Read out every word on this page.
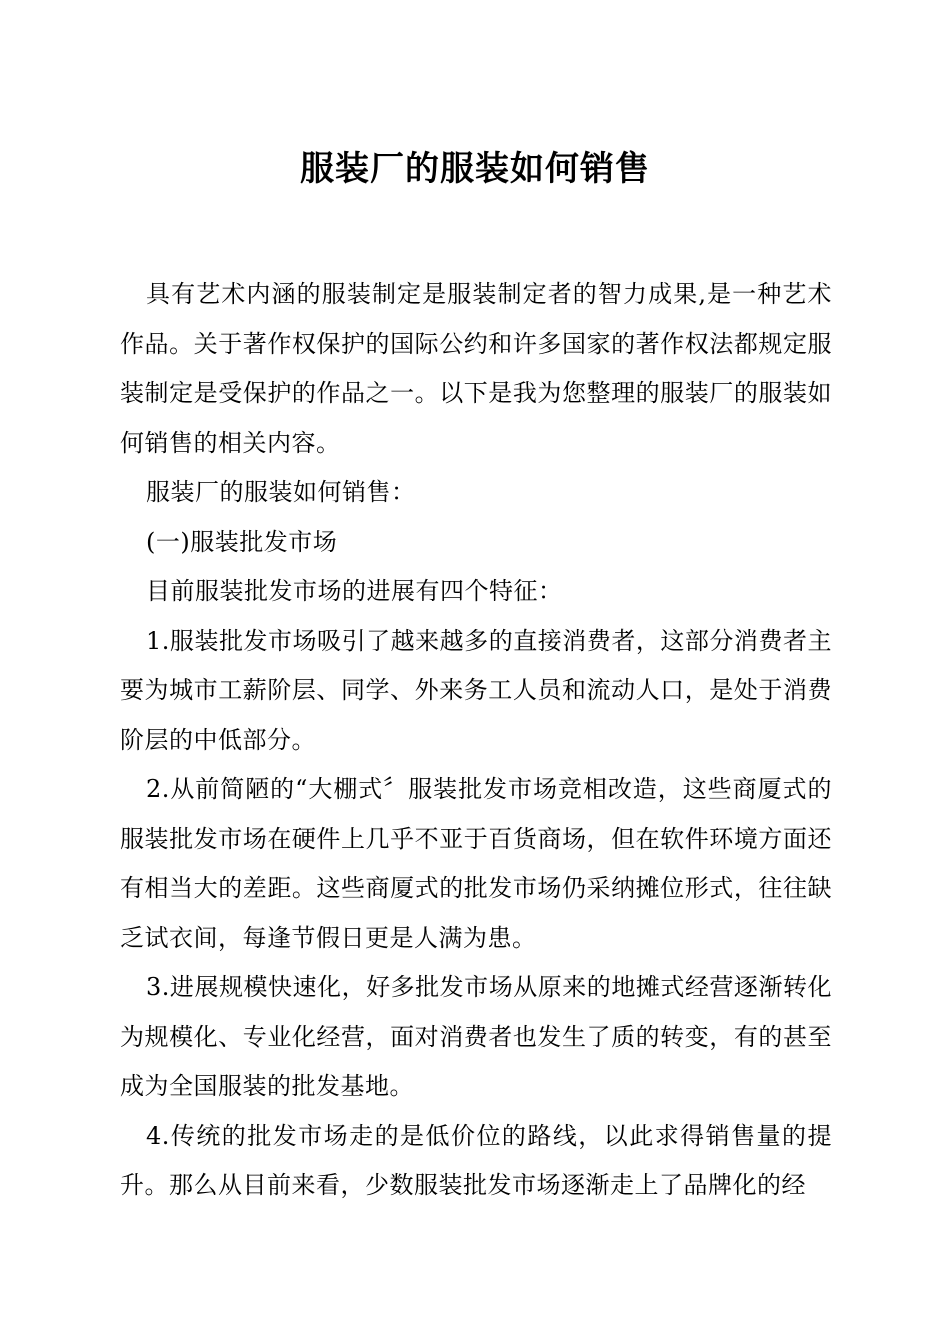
服装厂的服装如何销售

具有艺术内涵的服装制定是服装制定者的智力成果,是一种艺术作品。关于著作权保护的国际公约和许多国家的著作权法都规定服装制定是受保护的作品之一。以下是我为您整理的服装厂的服装如何销售的相关内容。

服装厂的服装如何销售：

(一)服装批发市场

目前服装批发市场的进展有四个特征：

1.服装批发市场吸引了越来越多的直接消费者，这部分消费者主要为城市工薪阶层、同学、外来务工人员和流动人口，是处于消费阶层的中低部分。

2.从前简陋的“大棚式〞服装批发市场竞相改造，这些商厦式的服装批发市场在硬件上几乎不亚于百货商场，但在软件环境方面还有相当大的差距。这些商厦式的批发市场仍采纳摊位形式，往往缺乏试衣间，每逢节假日更是人满为患。

3.进展规模快速化，好多批发市场从原来的地摊式经营逐渐转化为规模化、专业化经营，面对消费者也发生了质的转变，有的甚至成为全国服装的批发基地。

4.传统的批发市场走的是低价位的路线，以此求得销售量的提升。那么从目前来看，少数服装批发市场逐渐走上了品牌化的经
